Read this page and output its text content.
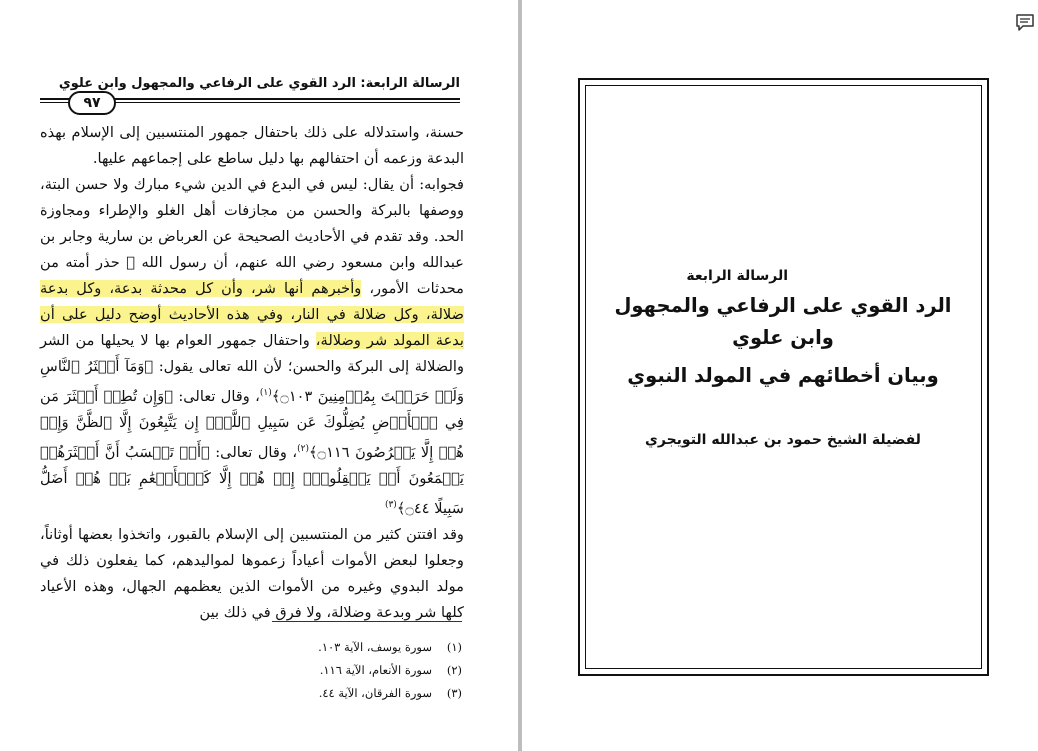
الرسالة الرابعة: الرد القوي على الرفاعي والمجهول وابن علوي
٩٧

حسنة، واستدلاله على ذلك باحتفال جمهور المنتسبين إلى الإسلام بهذه البدعة وزعمه أن احتفالهم بها دليل ساطع على إجماعهم عليها.

فجوابه: أن يقال: ليس في البدع في الدين شيء مبارك ولا حسن البتة، ووصفها بالبركة والحسن من مجازفات أهل الغلو والإطراء ومجاوزة الحد. وقد تقدم في الأحاديث الصحيحة عن العرباض بن سارية وجابر بن عبدالله وابن مسعود رضي الله عنهم، أن رسول الله ﷺ حذر أمته من محدثات الأمور، وأخبرهم أنها شر، وأن كل محدثة بدعة، وكل بدعة ضلالة، وكل ضلالة في النار، وفي هذه الأحاديث أوضح دليل على أن بدعة المولد شر وضلالة، واحتفال جمهور العوام بها لا يحيلها من الشر والضلالة إلى البركة والحسن؛ لأن الله تعالى يقول: ﴿وَمَآ أَكۡثَرُ ٱلنَّاسِ وَلَوۡ حَرَصۡتَ بِمُؤۡمِنِينَ ۝١٠٣﴾$^{(١)}$، وقال تعالى: ﴿وَإِن تُطِعۡ أَكۡثَرَ مَن فِي ٱلۡأَرۡضِ يُضِلُّوكَ عَن سَبِيلِ ٱللَّهِۚ إِن يَتَّبِعُونَ إِلَّا ٱلظَّنَّ وَإِنۡ هُمۡ إِلَّا يَخۡرُصُونَ ۝١١٦﴾$^{(٢)}$، وقال تعالى: ﴿أَمۡ تَحۡسَبُ أَنَّ أَكۡثَرَهُمۡ يَسۡمَعُونَ أَوۡ يَعۡقِلُونَۚ إِنۡ هُمۡ إِلَّا كَٱلۡأَنۡعَٰمِ بَلۡ هُمۡ أَضَلُّ سَبِيلًا ۝٤٤﴾$^{(٣)}$

وقد افتتن كثير من المنتسبين إلى الإسلام بالقبور، واتخذوا بعضها أوثاناً، وجعلوا لبعض الأموات أعياداً زعموها لمواليدهم، كما يفعلون ذلك في مولد البدوي وغيره من الأموات الذين يعظمهم الجهال، وهذه الأعياد كلها شر وبدعة وضلالة، ولا فرق في ذلك بين

(١)سورة يوسف، الآية ١٠٣.
(٢)سورة الأنعام، الآية ١١٦.
(٣)سورة الفرقان، الآية ٤٤.
الرسالة الرابعة
الرد القوي على الرفاعي والمجهول وابن علوي
وبيان أخطائهم في المولد النبوي
لفضيلة الشيخ حمود بن عبدالله التويجري
